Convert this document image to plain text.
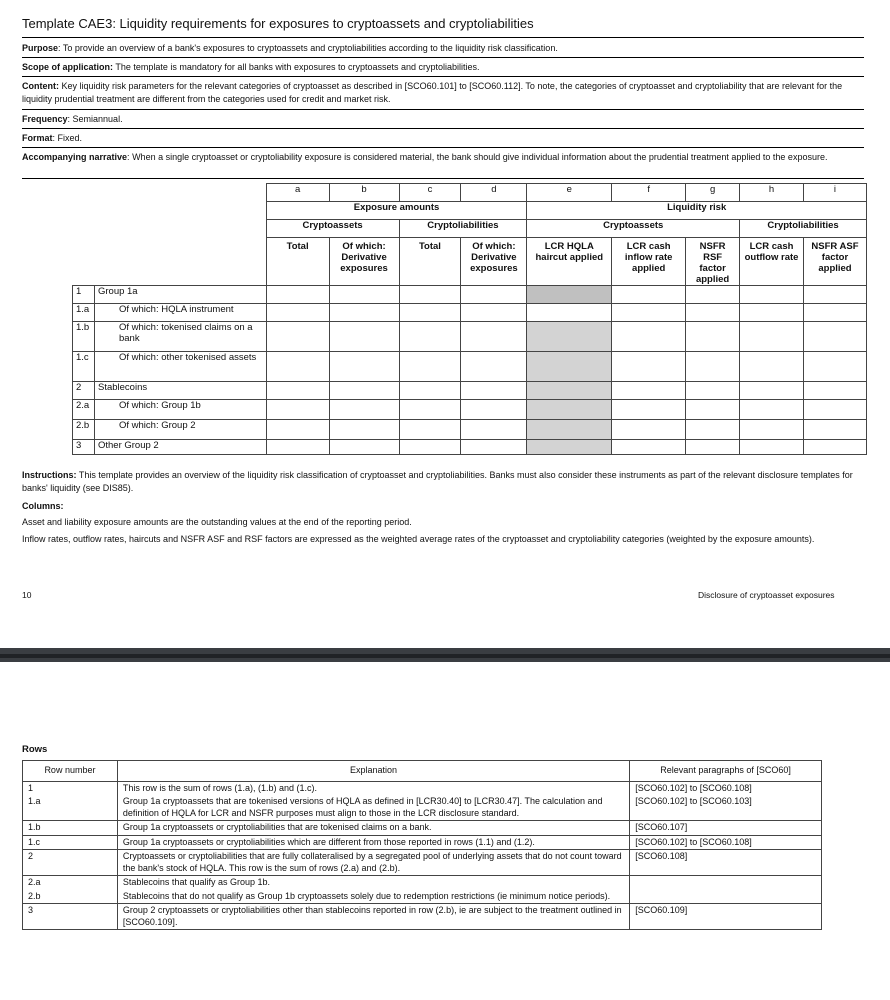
Template CAE3: Liquidity requirements for exposures to cryptoassets and cryptoliabilities
Purpose: To provide an overview of a bank's exposures to cryptoassets and cryptoliabilities according to the liquidity risk classification.
Scope of application: The template is mandatory for all banks with exposures to cryptoassets and cryptoliabilities.
Content: Key liquidity risk parameters for the relevant categories of cryptoasset as described in [SCO60.101] to [SCO60.112]. To note, the categories of cryptoasset and cryptoliability that are relevant for the liquidity prudential treatment are different from the categories used for credit and market risk.
Frequency: Semiannual.
Format: Fixed.
Accompanying narrative: When a single cryptoasset or cryptoliability exposure is considered material, the bank should give individual information about the prudential treatment applied to the exposure.
		a	b	c	d	e	f	g	h	i
		Exposure amounts				Liquidity risk				
		Cryptoassets		Cryptoliabilities		Cryptoassets			Cryptoliabilities	
		Total	Of which: Derivative exposures	Total	Of which: Derivative exposures	LCR HQLA haircut applied	LCR cash inflow rate applied	NSFR RSF factor applied	LCR cash outflow rate	NSFR ASF factor applied
1	Group 1a									
1.a	Of which: HQLA instrument									
1.b	Of which: tokenised claims on a bank									
1.c	Of which: other tokenised assets									
2	Stablecoins									
2.a	Of which: Group 1b									
2.b	Of which: Group 2									
3	Other Group 2									
Instructions: This template provides an overview of the liquidity risk classification of cryptoasset and cryptoliabilities. Banks must also consider these instruments as part of the relevant disclosure templates for banks' liquidity (see DIS85).
Columns:
Asset and liability exposure amounts are the outstanding values at the end of the reporting period.
Inflow rates, outflow rates, haircuts and NSFR ASF and RSF factors are expressed as the weighted average rates of the cryptoasset and cryptoliability categories (weighted by the exposure amounts).
10	Disclosure of cryptoasset exposures
Rows
Row number	Explanation	Relevant paragraphs of [SCO60]
1	This row is the sum of rows (1.a), (1.b) and (1.c).	[SCO60.102] to [SCO60.108]
1.a	Group 1a cryptoassets that are tokenised versions of HQLA as defined in [LCR30.40] to [LCR30.47]. The calculation and definition of HQLA for LCR and NSFR purposes must align to those in the LCR disclosure standard.	[SCO60.102] to [SCO60.103]
1.b	Group 1a cryptoassets or cryptoliabilities that are tokenised claims on a bank.	[SCO60.107]
1.c	Group 1a cryptoassets or cryptoliabilities which are different from those reported in rows (1.1) and (1.2).	[SCO60.102] to [SCO60.108]
2	Cryptoassets or cryptoliabilities that are fully collateralised by a segregated pool of underlying assets that do not count toward the bank's stock of HQLA. This row is the sum of rows (2.a) and (2.b).	[SCO60.108]
2.a	Stablecoins that qualify as Group 1b.	
2.b	Stablecoins that do not qualify as Group 1b cryptoassets solely due to redemption restrictions (ie minimum notice periods).	
3	Group 2 cryptoassets or cryptoliabilities other than stablecoins reported in row (2.b), ie are subject to the treatment outlined in [SCO60.109].	[SCO60.109]
